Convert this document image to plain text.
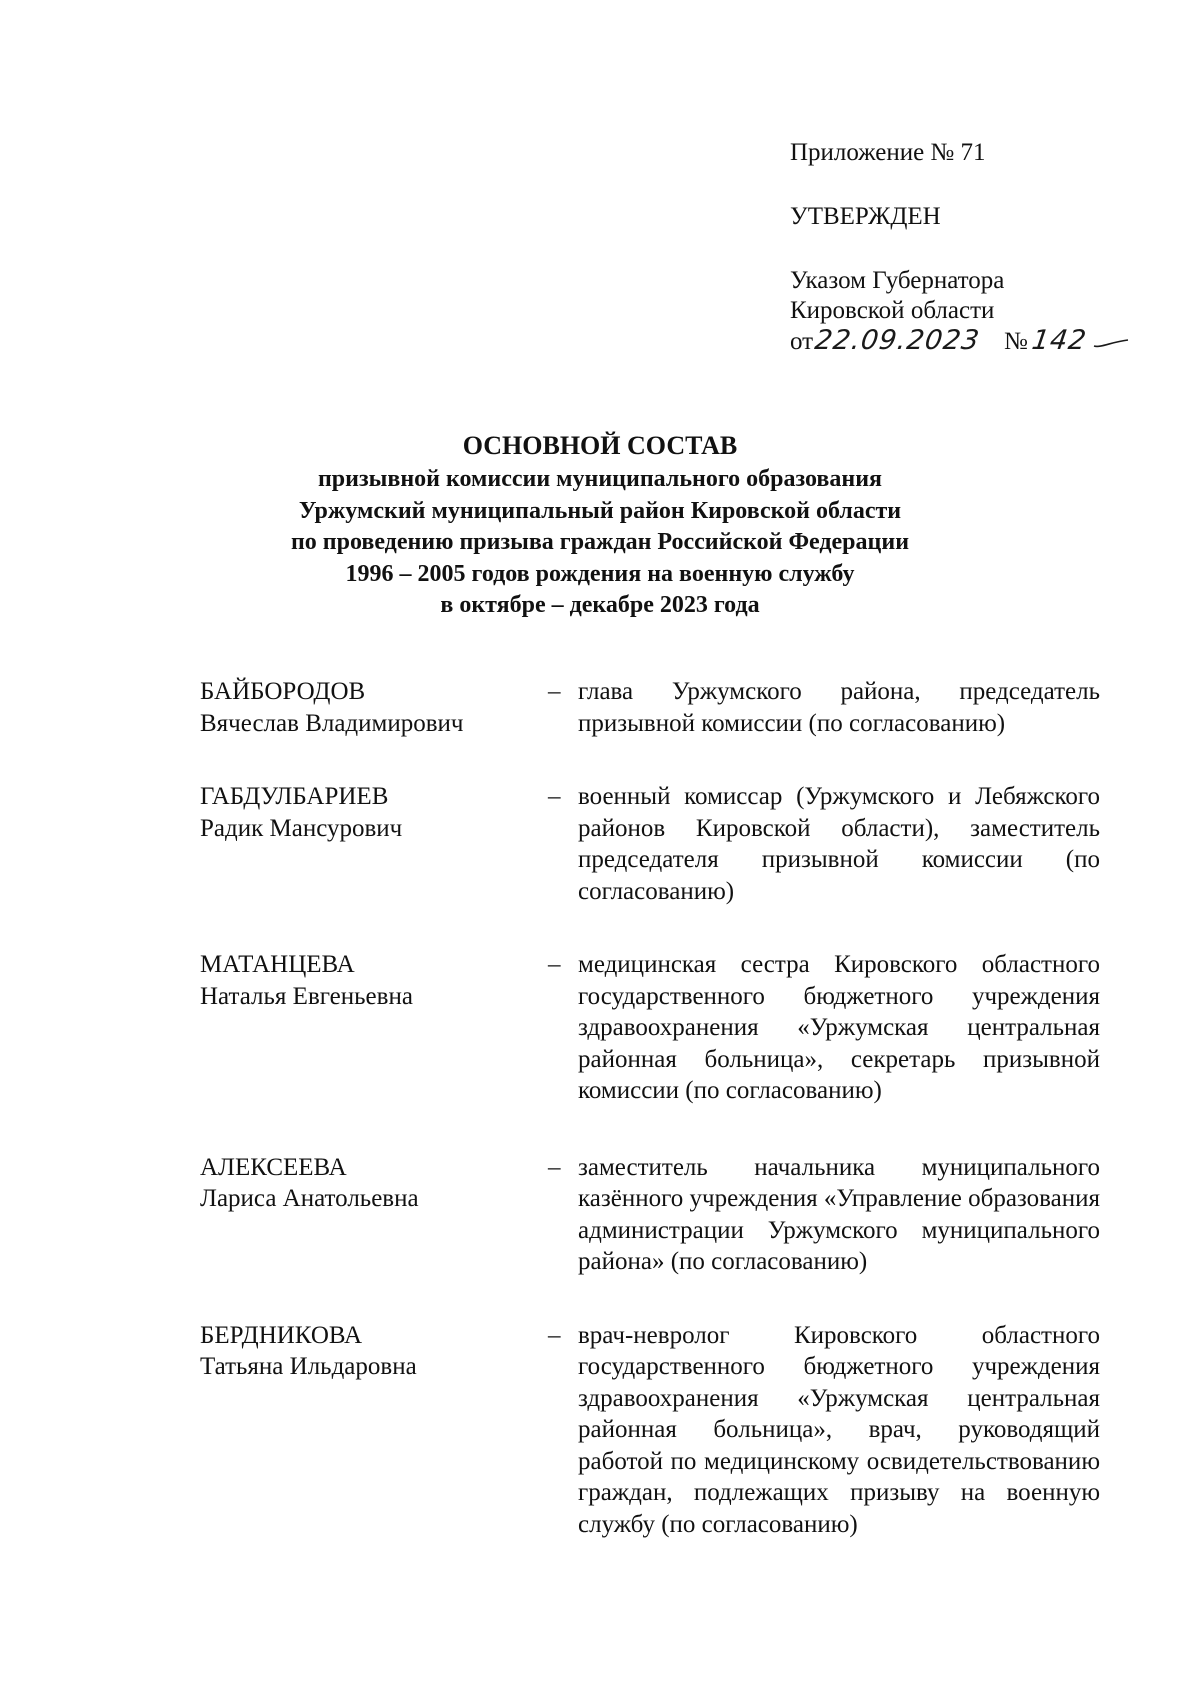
Приложение № 71
УТВЕРЖДЕН
Указом Губернатора
Кировской области
от22.09.2023 №142
ОСНОВНОЙ СОСТАВ
призывной комиссии муниципального образования
Уржумский муниципальный район Кировской области
по проведению призыва граждан Российской Федерации
1996 – 2005 годов рождения на военную службу
в октябре – декабре 2023 года
БАЙБОРОДОВ
Вячеслав Владимирович
– глава Уржумского района, председатель призывной комиссии (по согласованию)
ГАБДУЛБАРИЕВ
Радик Мансурович
– военный комиссар (Уржумского и Лебяжского районов Кировской области), заместитель председателя призывной комиссии (по согласованию)
МАТАНЦЕВА
Наталья Евгеньевна
– медицинская сестра Кировского областного государственного бюджетного учреждения здравоохранения «Уржумская центральная районная больница», секретарь призывной комиссии (по согласованию)
АЛЕКСЕЕВА
Лариса Анатольевна
– заместитель начальника муниципального казённого учреждения «Управление образования администрации Уржумского муниципального района» (по согласованию)
БЕРДНИКОВА
Татьяна Ильдаровна
– врач-невролог Кировского областного государственного бюджетного учреждения здравоохранения «Уржумская центральная районная больница», врач, руководящий работой по медицинскому освидетельствованию граждан, подлежащих призыву на военную службу (по согласованию)
